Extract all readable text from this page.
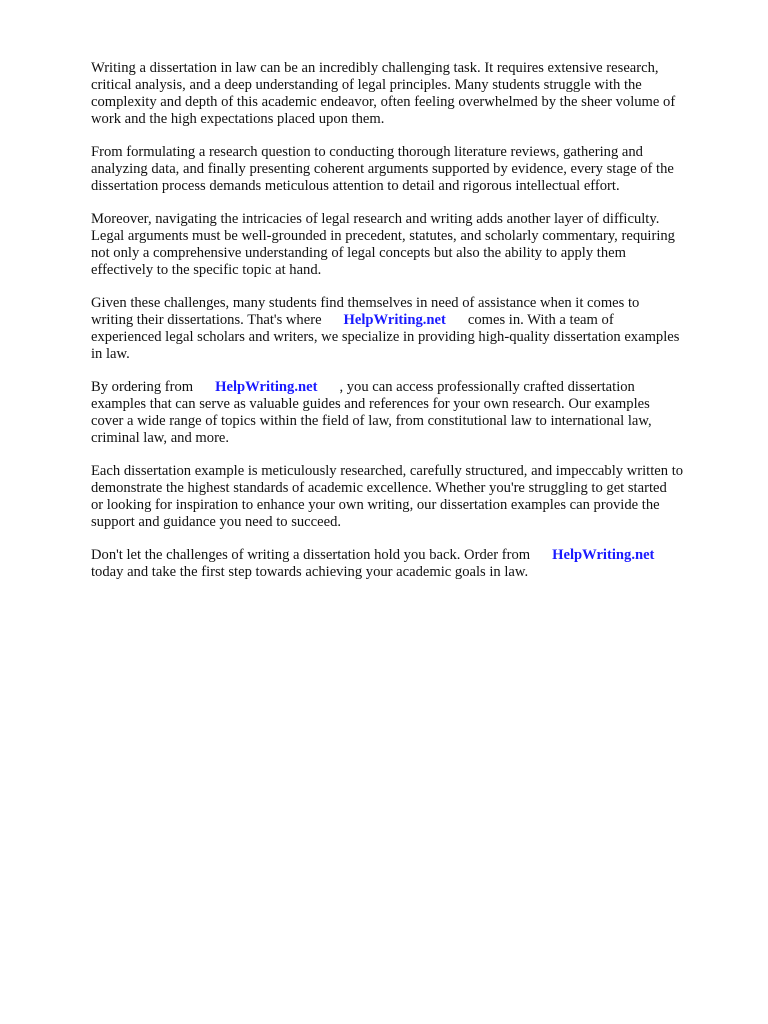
Writing a dissertation in law can be an incredibly challenging task. It requires extensive research,
critical analysis, and a deep understanding of legal principles. Many students struggle with the
complexity and depth of this academic endeavor, often feeling overwhelmed by the sheer volume of
work and the high expectations placed upon them.

From formulating a research question to conducting thorough literature reviews, gathering and
analyzing data, and finally presenting coherent arguments supported by evidence, every stage of the
dissertation process demands meticulous attention to detail and rigorous intellectual effort.

Moreover, navigating the intricacies of legal research and writing adds another layer of difficulty.
Legal arguments must be well-grounded in precedent, statutes, and scholarly commentary, requiring
not only a comprehensive understanding of legal concepts but also the ability to apply them
effectively to the specific topic at hand.

Given these challenges, many students find themselves in need of assistance when it comes to
writing their dissertations. That's where HelpWriting.net comes in. With a team of
experienced legal scholars and writers, we specialize in providing high-quality dissertation examples
in law.

By ordering from HelpWriting.net , you can access professionally crafted dissertation
examples that can serve as valuable guides and references for your own research. Our examples
cover a wide range of topics within the field of law, from constitutional law to international law,
criminal law, and more.

Each dissertation example is meticulously researched, carefully structured, and impeccably written to
demonstrate the highest standards of academic excellence. Whether you're struggling to get started
or looking for inspiration to enhance your own writing, our dissertation examples can provide the
support and guidance you need to succeed.

Don't let the challenges of writing a dissertation hold you back. Order from HelpWriting.net
today and take the first step towards achieving your academic goals in law.
